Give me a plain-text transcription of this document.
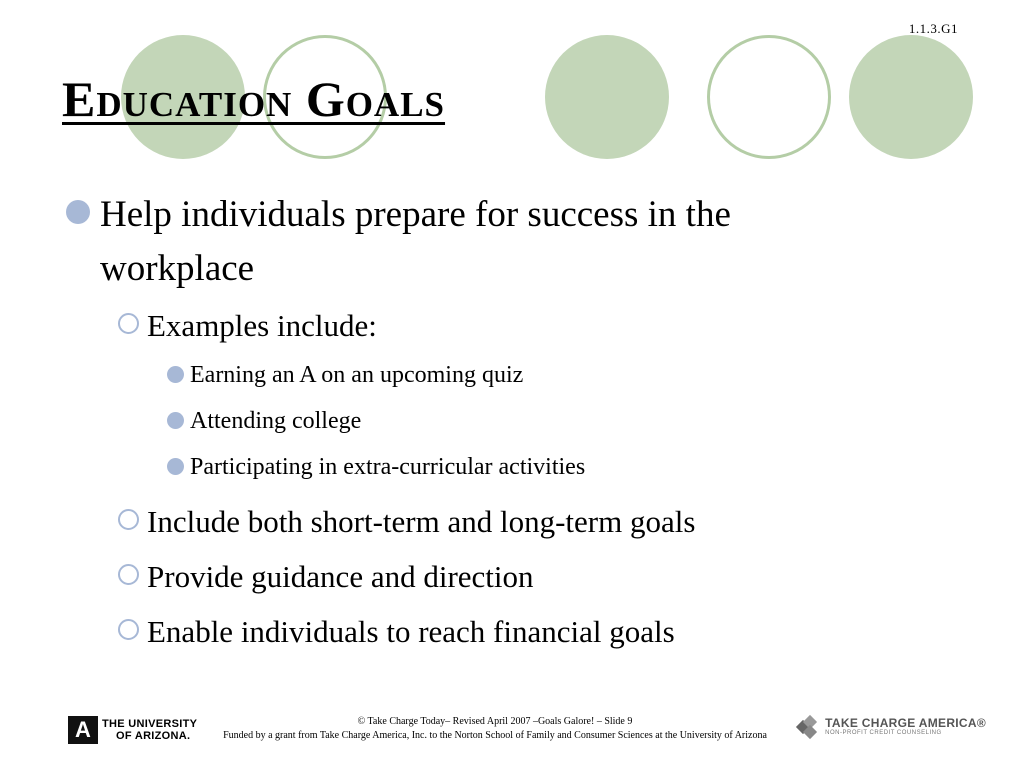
1.1.3.G1
Education Goals
Help individuals prepare for success in the workplace
Examples include:
Earning an A on an upcoming quiz
Attending college
Participating in extra-curricular activities
Include both short-term and long-term goals
Provide guidance and direction
Enable individuals to reach financial goals
A	THE UNIVERSITY
OF ARIZONA.
© Take Charge Today– Revised April 2007 –Goals Galore! – Slide 9
Funded by a grant from Take Charge America, Inc. to the Norton School of Family and Consumer Sciences at the University of Arizona
TAKE CHARGE AMERICA®
NON-PROFIT CREDIT COUNSELING
